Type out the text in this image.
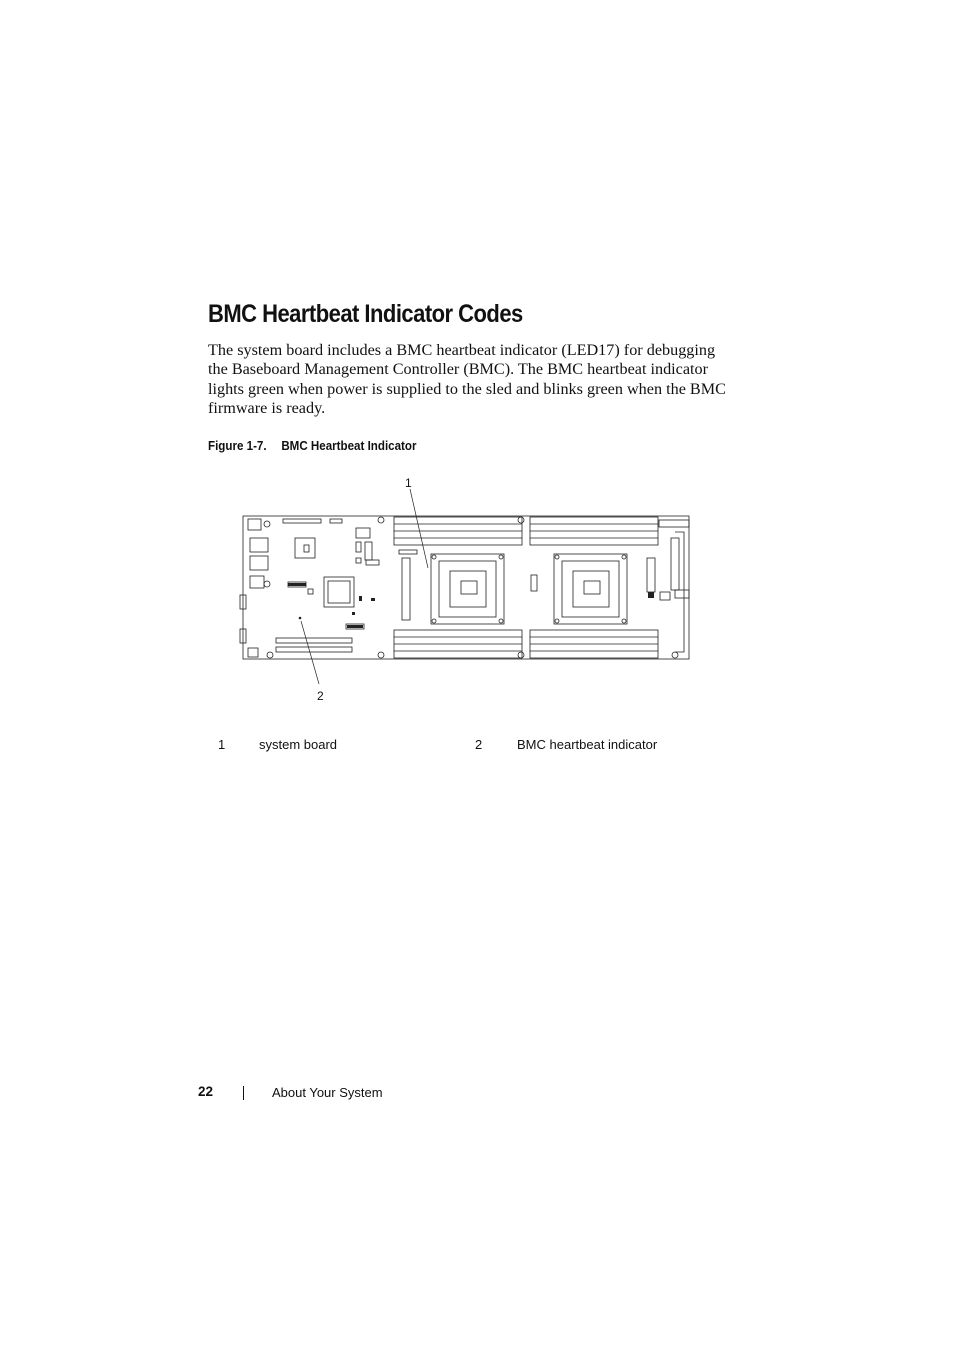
BMC Heartbeat Indicator Codes
The system board includes a BMC heartbeat indicator (LED17) for debugging the Baseboard Management Controller (BMC). The BMC heartbeat indicator lights green when power is supplied to the sled and blinks green when the BMC firmware is ready.
Figure 1-7. BMC Heartbeat Indicator
1
2
1	system board	2	BMC heartbeat indicator
22	About Your System
